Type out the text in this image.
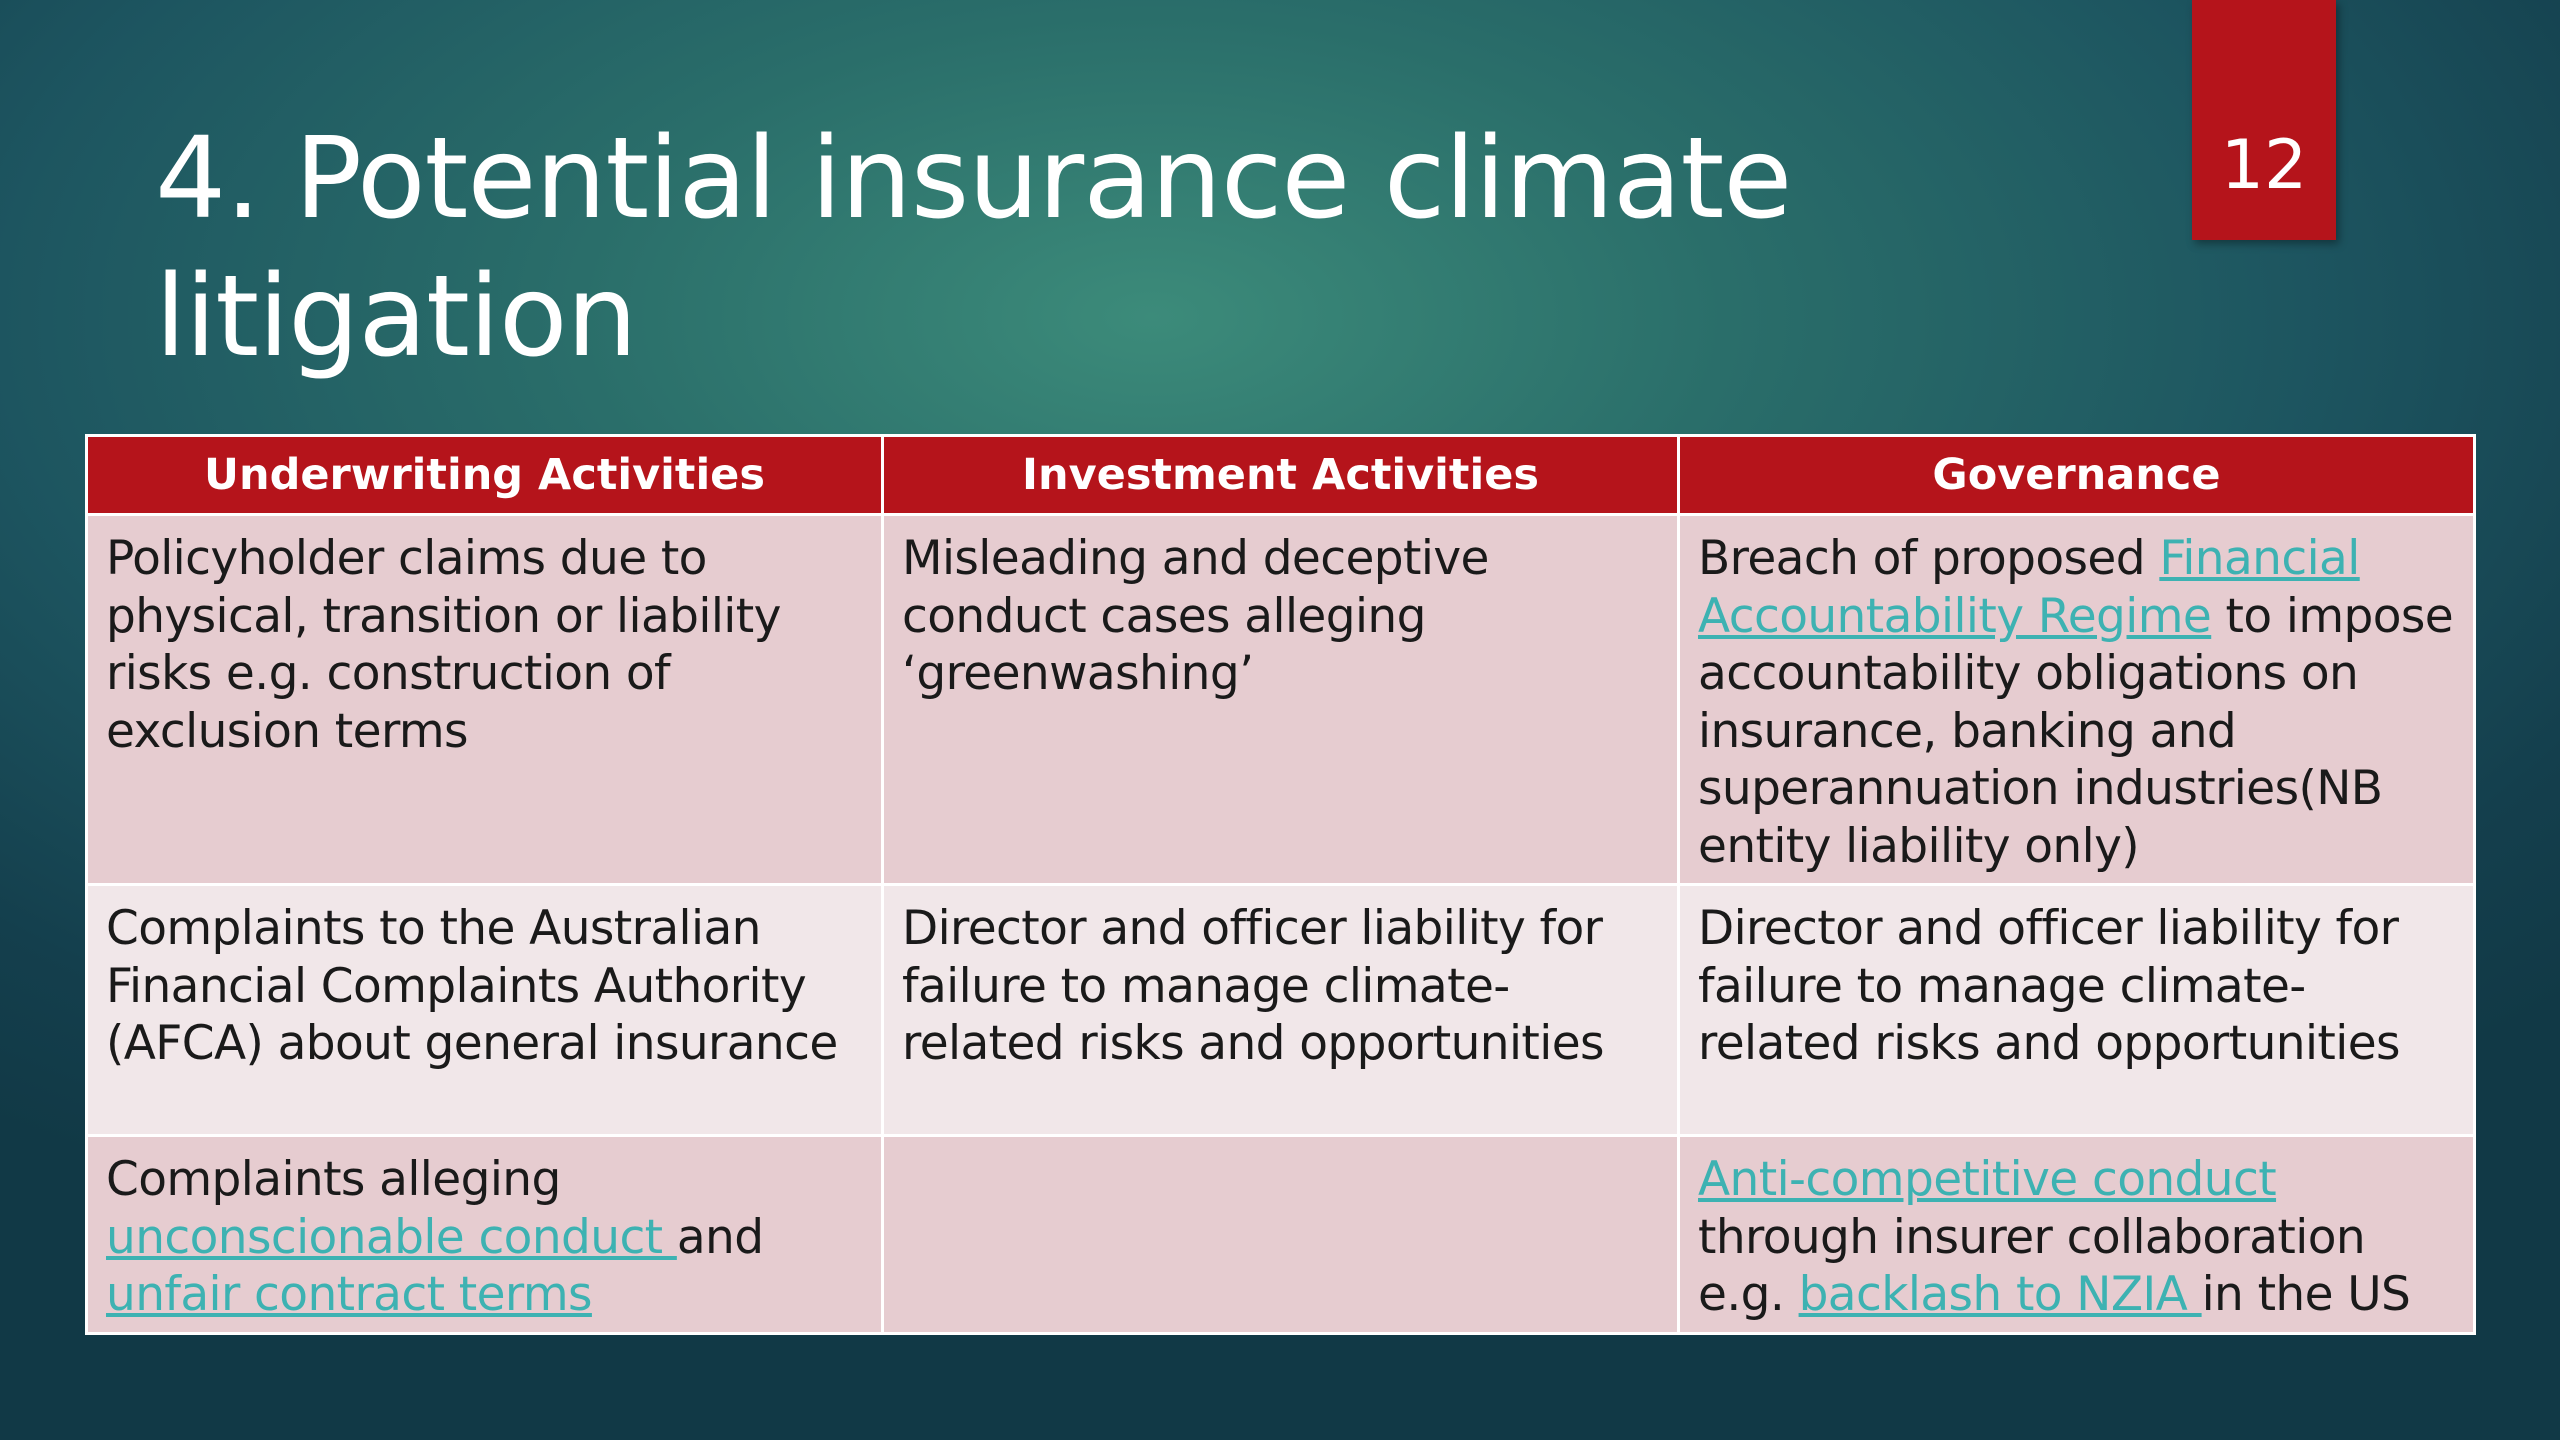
4. Potential insurance climate litigation
12
Underwriting Activities	Investment Activities	Governance
Policyholder claims due to physical, transition or liability risks e.g. construction of exclusion terms	Misleading and deceptive conduct cases alleging ‘greenwashing’	Breach of proposed Financial Accountability Regime to impose accountability obligations on insurance, banking and superannuation industries(NB entity liability only)
Complaints to the Australian Financial Complaints Authority (AFCA) about general insurance	Director and officer liability for failure to manage climate-related risks and opportunities	Director and officer liability for failure to manage climate-related risks and opportunities
Complaints alleging unconscionable conduct and unfair contract terms		Anti-competitive conduct through insurer collaboration e.g. backlash to NZIA in the US
